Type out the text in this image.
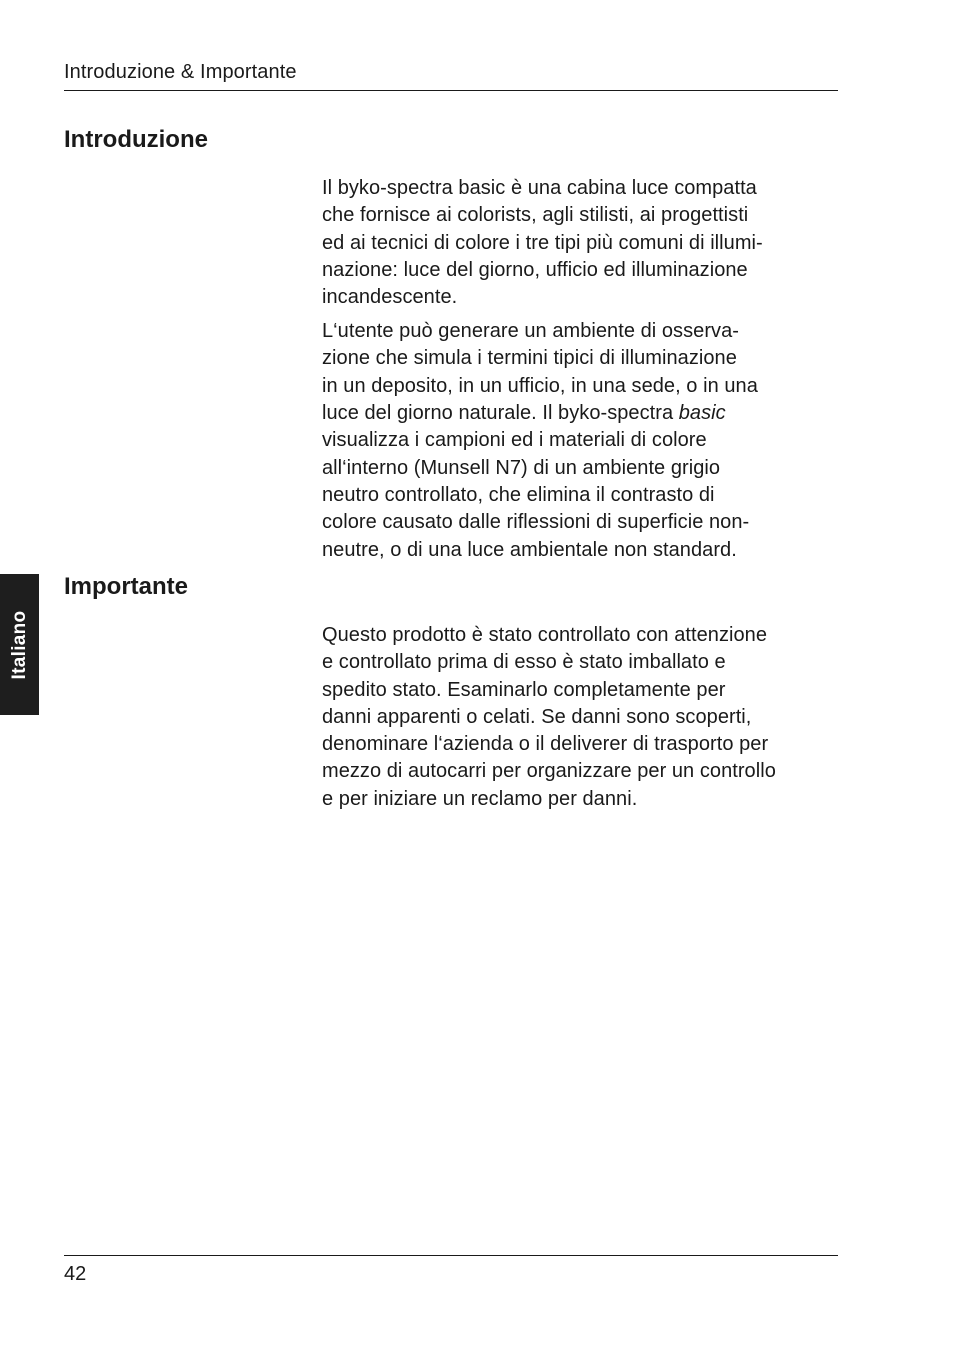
Introduzione & Importante
Introduzione

Il byko-spectra basic è una cabina luce compatta
che fornisce ai colorists, agli stilisti, ai progettisti
ed ai tecnici di colore i tre tipi più comuni di illumi-
nazione: luce del giorno, ufficio ed illuminazione
incandescente.

L‘utente può generare un ambiente di osserva-
zione che simula i termini tipici di illuminazione
in un deposito, in un ufficio, in una sede, o in una
luce del giorno naturale. Il byko-spectra basic
visualizza i campioni ed i materiali di colore
all‘interno (Munsell N7) di un ambiente grigio
neutro controllato, che elimina il contrasto di
colore causato dalle riflessioni di superficie non-
neutre, o di una luce ambientale non standard.

Italiano
Importante

Questo prodotto è stato controllato con attenzione
e controllato prima di esso è stato imballato e
spedito stato. Esaminarlo completamente per
danni apparenti o celati. Se danni sono scoperti,
denominare l‘azienda o il deliverer di trasporto per
mezzo di autocarri per organizzare per un controllo
e per iniziare un reclamo per danni.

42
